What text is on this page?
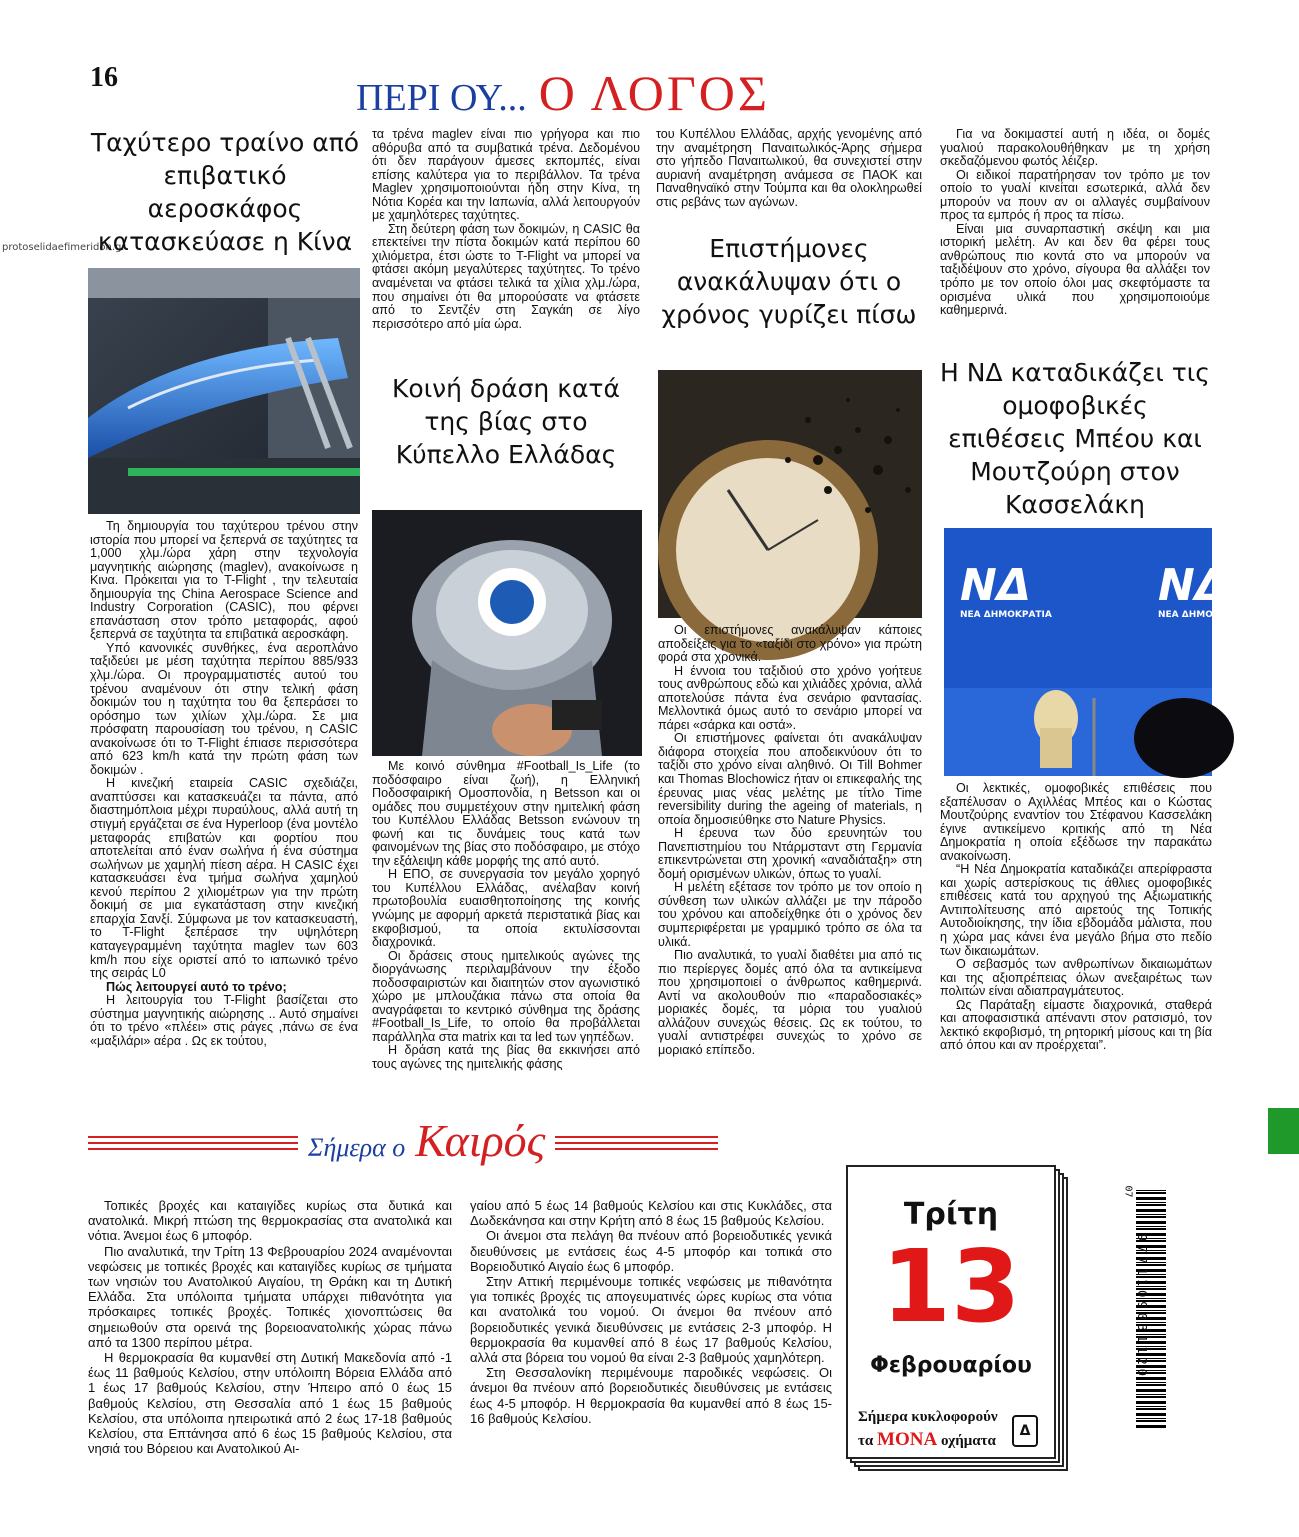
16	ΠΕΡΙ ΟΥ... Ο ΛΟΓΟΣ
protoselidaefimeridon.gr
Ταχύτερο τραίνο από επιβατικό αεροσκάφος κατασκεύασε η Κίνα

Τη δημιουργία του ταχύτερου τρένου στην ιστορία που μπορεί να ξεπερνά σε ταχύτητες τα 1,000 χλμ./ώρα χάρη στην τεχνολογία μαγνητικής αιώρησης (maglev), ανακοίνωσε η Κινα. Πρόκειται για το T-Flight , την τελευταία δημιουργία της China Aerospace Science and Industry Corporation (CASIC), που φέρνει επανάσταση στον τρόπο μεταφοράς, αφού ξεπερνά σε ταχύτητα τα επιβατικά αεροσκάφη.

Υπό κανονικές συνθήκες, ένα αεροπλάνο ταξιδεύει με μέση ταχύτητα περίπου 885/933 χλμ./ώρα. Οι προγραμματιστές αυτού του τρένου αναμένουν ότι στην τελική φάση δοκιμών του η ταχύτητα του θα ξεπεράσει το ορόσημο των χιλίων χλμ./ώρα. Σε μια πρόσφατη παρουσίαση του τρένου, η CASIC ανακοίνωσε ότι το T-Flight έπιασε περισσότερα από 623 km/h κατά την πρώτη φάση των δοκιμών .

Η κινεζική εταιρεία CASIC σχεδιάζει, αναπτύσσει και κατασκευάζει τα πάντα, από διαστημόπλοια μέχρι πυραύλους, αλλά αυτή τη στιγμή εργάζεται σε ένα Hyperloop (ένα μοντέλο μεταφοράς επιβατών και φορτίου που αποτελείται από έναν σωλήνα ή ένα σύστημα σωλήνων με χαμηλή πίεση αέρα. Η CASIC έχει κατασκευάσει ένα τμήμα σωλήνα χαμηλού κενού περίπου 2 χιλιομέτρων για την πρώτη δοκιμή σε μια εγκατάσταση στην κινεζική επαρχία Σανξί. Σύμφωνα με τον κατασκευαστή, το T-Flight ξεπέρασε την υψηλότερη καταγεγραμμένη ταχύτητα maglev των 603 km/h που είχε οριστεί από το ιαπωνικό τρένο της σειράς L0

Πώς λειτουργεί αυτό το τρένο;

Η λειτουργία του T-Flight βασίζεται στο σύστημα μαγνητικής αιώρησης .. Αυτό σημαίνει ότι το τρένο «πλέει» στις ράγες ,πάνω σε ένα «μαξιλάρι» αέρα . Ως εκ τούτου,

τα τρένα maglev είναι πιο γρήγορα και πιο αθόρυβα από τα συμβατικά τρένα. Δεδομένου ότι δεν παράγουν άμεσες εκπομπές, είναι επίσης καλύτερα για το περιβάλλον. Τα τρένα Maglev χρησιμοποιούνται ήδη στην Κίνα, τη Νότια Κορέα και την Ιαπωνία, αλλά λειτουργούν με χαμηλότερες ταχύτητες.

Στη δεύτερη φάση των δοκιμών, η CASIC θα επεκτείνει την πίστα δοκιμών κατά περίπου 60 χιλιόμετρα, έτσι ώστε το T-Flight να μπορεί να φτάσει ακόμη μεγαλύτερες ταχύτητες. Το τρένο αναμένεται να φτάσει τελικά τα χίλια χλμ./ώρα, που σημαίνει ότι θα μπορούσατε να φτάσετε από το Σεντζέν στη Σαγκάη σε λίγο περισσότερο από μία ώρα.

Κοινή δράση κατά της βίας στο Κύπελλο Ελλάδας

Με κοινό σύνθημα #Football_Is_Life (το ποδόσφαιρο είναι ζωή), η Ελληνική Ποδοσφαιρική Ομοσπονδία, η Betsson και οι ομάδες που συμμετέχουν στην ημιτελική φάση του Κυπέλλου Ελλάδας Betsson ενώνουν τη φωνή και τις δυνάμεις τους κατά των φαινομένων της βίας στο ποδόσφαιρο, με στόχο την εξάλειψη κάθε μορφής της από αυτό.

Η ΕΠΟ, σε συνεργασία τον μεγάλο χορηγό του Κυπέλλου Ελλάδας, ανέλαβαν κοινή πρωτοβουλία ευαισθητοποίησης της κοινής γνώμης με αφορμή αρκετά περιστατικά βίας και εκφοβισμού, τα οποία εκτυλίσσονται διαχρονικά.

Οι δράσεις στους ημιτελικούς αγώνες της διοργάνωσης περιλαμβάνουν την έξοδο ποδοσφαιριστών και διαιτητών στον αγωνιστικό χώρο με μπλουζάκια πάνω στα οποία θα αναγράφεται το κεντρικό σύνθημα της δράσης #Football_Is_Life, το οποίο θα προβάλλεται παράλληλα στα matrix και τα led των γηπέδων.

Η δράση κατά της βίας θα εκκινήσει από τους αγώνες της ημιτελικής φάσης

του Κυπέλλου Ελλάδας, αρχής γενομένης από την αναμέτρηση Παναιτωλικός-Άρης σήμερα στο γήπεδο Παναιτωλικού, θα συνεχιστεί στην αυριανή αναμέτρηση ανάμεσα σε ΠΑΟΚ και Παναθηναϊκό στην Τούμπα και θα ολοκληρωθεί στις ρεβάνς των αγώνων.

Επιστήμονες ανακάλυψαν ότι ο χρόνος γυρίζει πίσω

Οι επιστήμονες ανακάλυψαν κάποιες αποδείξεις για το «ταξίδι στο χρόνο» για πρώτη φορά στα χρονικά.

Η έννοια του ταξιδιού στο χρόνο γοήτευε τους ανθρώπους εδώ και χιλιάδες χρόνια, αλλά αποτελούσε πάντα ένα σενάριο φαντασίας. Μελλοντικά όμως αυτό το σενάριο μπορεί να πάρει «σάρκα και οστά».

Οι επιστήμονες φαίνεται ότι ανακάλυψαν διάφορα στοιχεία που αποδεικνύουν ότι το ταξίδι στο χρόνο είναι αληθινό. Οι Till Bohmer και Thomas Blochowicz ήταν οι επικεφαλής της έρευνας μιας νέας μελέτης με τίτλο Time reversibility during the ageing of materials, η οποία δημοσιεύθηκε στο Nature Physics.

Η έρευνα των δύο ερευνητών του Πανεπιστημίου του Ντάρμσταντ στη Γερμανία επικεντρώνεται στη χρονική «αναδιάταξη» στη δομή ορισμένων υλικών, όπως το γυαλί.

Η μελέτη εξέτασε τον τρόπο με τον οποίο η σύνθεση των υλικών αλλάζει με την πάροδο του χρόνου και αποδείχθηκε ότι ο χρόνος δεν συμπεριφέρεται με γραμμικό τρόπο σε όλα τα υλικά.

Πιο αναλυτικά, το γυαλί διαθέτει μια από τις πιο περίεργες δομές από όλα τα αντικείμενα που χρησιμοποιεί ο άνθρωπος καθημερινά. Αντί να ακολουθούν πιο «παραδοσιακές» μοριακές δομές, τα μόρια του γυαλιού αλλάζουν συνεχώς θέσεις. Ως εκ τούτου, το γυαλί αντιστρέφει συνεχώς το χρόνο σε μοριακό επίπεδο.

Για να δοκιμαστεί αυτή η ιδέα, οι δομές γυαλιού παρακολουθήθηκαν με τη χρήση σκεδαζόμενου φωτός λέιζερ.

Οι ειδικοί παρατήρησαν τον τρόπο με τον οποίο το γυαλί κινείται εσωτερικά, αλλά δεν μπορούν να πουν αν οι αλλαγές συμβαίνουν προς τα εμπρός ή προς τα πίσω.

Είναι μια συναρπαστική σκέψη και μια ιστορική μελέτη. Αν και δεν θα φέρει τους ανθρώπους πιο κοντά στο να μπορούν να ταξιδέψουν στο χρόνο, σίγουρα θα αλλάξει τον τρόπο με τον οποίο όλοι μας σκεφτόμαστε τα ορισμένα υλικά που χρησιμοποιούμε καθημερινά.

Η ΝΔ καταδικάζει τις ομοφοβικές επιθέσεις Μπέου και Μουτζούρη στον Κασσελάκη
ΝΔ
ΝΕΑ ΔΗΜΟΚΡΑΤΙΑ
ΝΔ
ΝΕΑ ΔΗΜΟΚ

Οι λεκτικές, ομοφοβικές επιθέσεις που εξαπέλυσαν ο Αχιλλέας Μπέος και ο Κώστας Μουτζούρης εναντίον του Στέφανου Κασσελάκη έγινε αντικείμενο κριτικής από τη Νέα Δημοκρατία η οποία εξέδωσε την παρακάτω ανακοίνωση.

“Η Νέα Δημοκρατία καταδικάζει απερίφραστα και χωρίς αστερίσκους τις άθλιες ομοφοβικές επιθέσεις κατά του αρχηγού της Αξιωματικής Αντιπολίτευσης από αιρετούς της Τοπικής Αυτοδιοίκησης, την ίδια εβδομάδα μάλιστα, που η χώρα μας κάνει ένα μεγάλο βήμα στο πεδίο των δικαιωμάτων.

Ο σεβασμός των ανθρωπίνων δικαιωμάτων και της αξιοπρέπειας όλων ανεξαιρέτως των πολιτών είναι αδιαπραγμάτευτος.

Ως Παράταξη είμαστε διαχρονικά, σταθερά και αποφασιστικά απέναντι στον ρατσισμό, τον λεκτικό εκφοβισμό, τη ρητορική μίσους και τη βία από όπου και αν προέρχεται”.

Σήμερα ο Καιρός

Τοπικές βροχές και καταιγίδες κυρίως στα δυτικά και ανατολικά. Μικρή πτώση της θερμοκρασίας στα ανατολικά και νότια. Άνεμοι έως 6 μποφόρ.

Πιο αναλυτικά, την Τρίτη 13 Φεβρουαρίου 2024 αναμένονται νεφώσεις με τοπικές βροχές και καταιγίδες κυρίως σε τμήματα των νησιών του Ανατολικού Αιγαίου, τη Θράκη και τη Δυτική Ελλάδα. Στα υπόλοιπα τμήματα υπάρχει πιθανότητα για πρόσκαιρες τοπικές βροχές. Τοπικές χιονοπτώσεις θα σημειωθούν στα ορεινά της βορειοανατολικής χώρας πάνω από τα 1300 περίπου μέτρα.

Η θερμοκρασία θα κυμανθεί στη Δυτική Μακεδονία από -1 έως 11 βαθμούς Κελσίου, στην υπόλοιπη Βόρεια Ελλάδα από 1 έως 17 βαθμούς Κελσίου, στην Ήπειρο από 0 έως 15 βαθμούς Κελσίου, στη Θεσσαλία από 1 έως 15 βαθμούς Κελσίου, στα υπόλοιπα ηπειρωτικά από 2 έως 17-18 βαθμούς Κελσίου, στα Επτάνησα από 6 έως 15 βαθμούς Κελσίου, στα νησιά του Βόρειου και Ανατολικού Αι-

γαίου από 5 έως 14 βαθμούς Κελσίου και στις Κυκλάδες, στα Δωδεκάνησα και στην Κρήτη από 8 έως 15 βαθμούς Κελσίου.

Οι άνεμοι στα πελάγη θα πνέουν από βορειοδυτικές γενικά διευθύνσεις με εντάσεις έως 4-5 μποφόρ και τοπικά στο Βορειοδυτικό Αιγαίο έως 6 μποφόρ.

Στην Αττική περιμένουμε τοπικές νεφώσεις με πιθανότητα για τοπικές βροχές τις απογευματινές ώρες κυρίως στα νότια και ανατολικά του νομού. Οι άνεμοι θα πνέουν από βορειοδυτικές γενικά διευθύνσεις με εντάσεις 2-3 μποφόρ. Η θερμοκρασία θα κυμανθεί από 8 έως 17 βαθμούς Κελσίου, αλλά στα βόρεια του νομού θα είναι 2-3 βαθμούς χαμηλότερη.

Στη Θεσσαλονίκη περιμένουμε παροδικές νεφώσεις. Οι άνεμοι θα πνέουν από βορειοδυτικές διευθύνσεις με εντάσεις έως 4-5 μποφόρ. Η θερμοκρασία θα κυμανθεί από 8 έως 15-16 βαθμούς Κελσίου.

Τρίτη
13
Φεβρουαρίου
Σήμερα κυκλοφορούν
τα ΜΟΝΑ οχήματα
Δ
9771109031120
07
